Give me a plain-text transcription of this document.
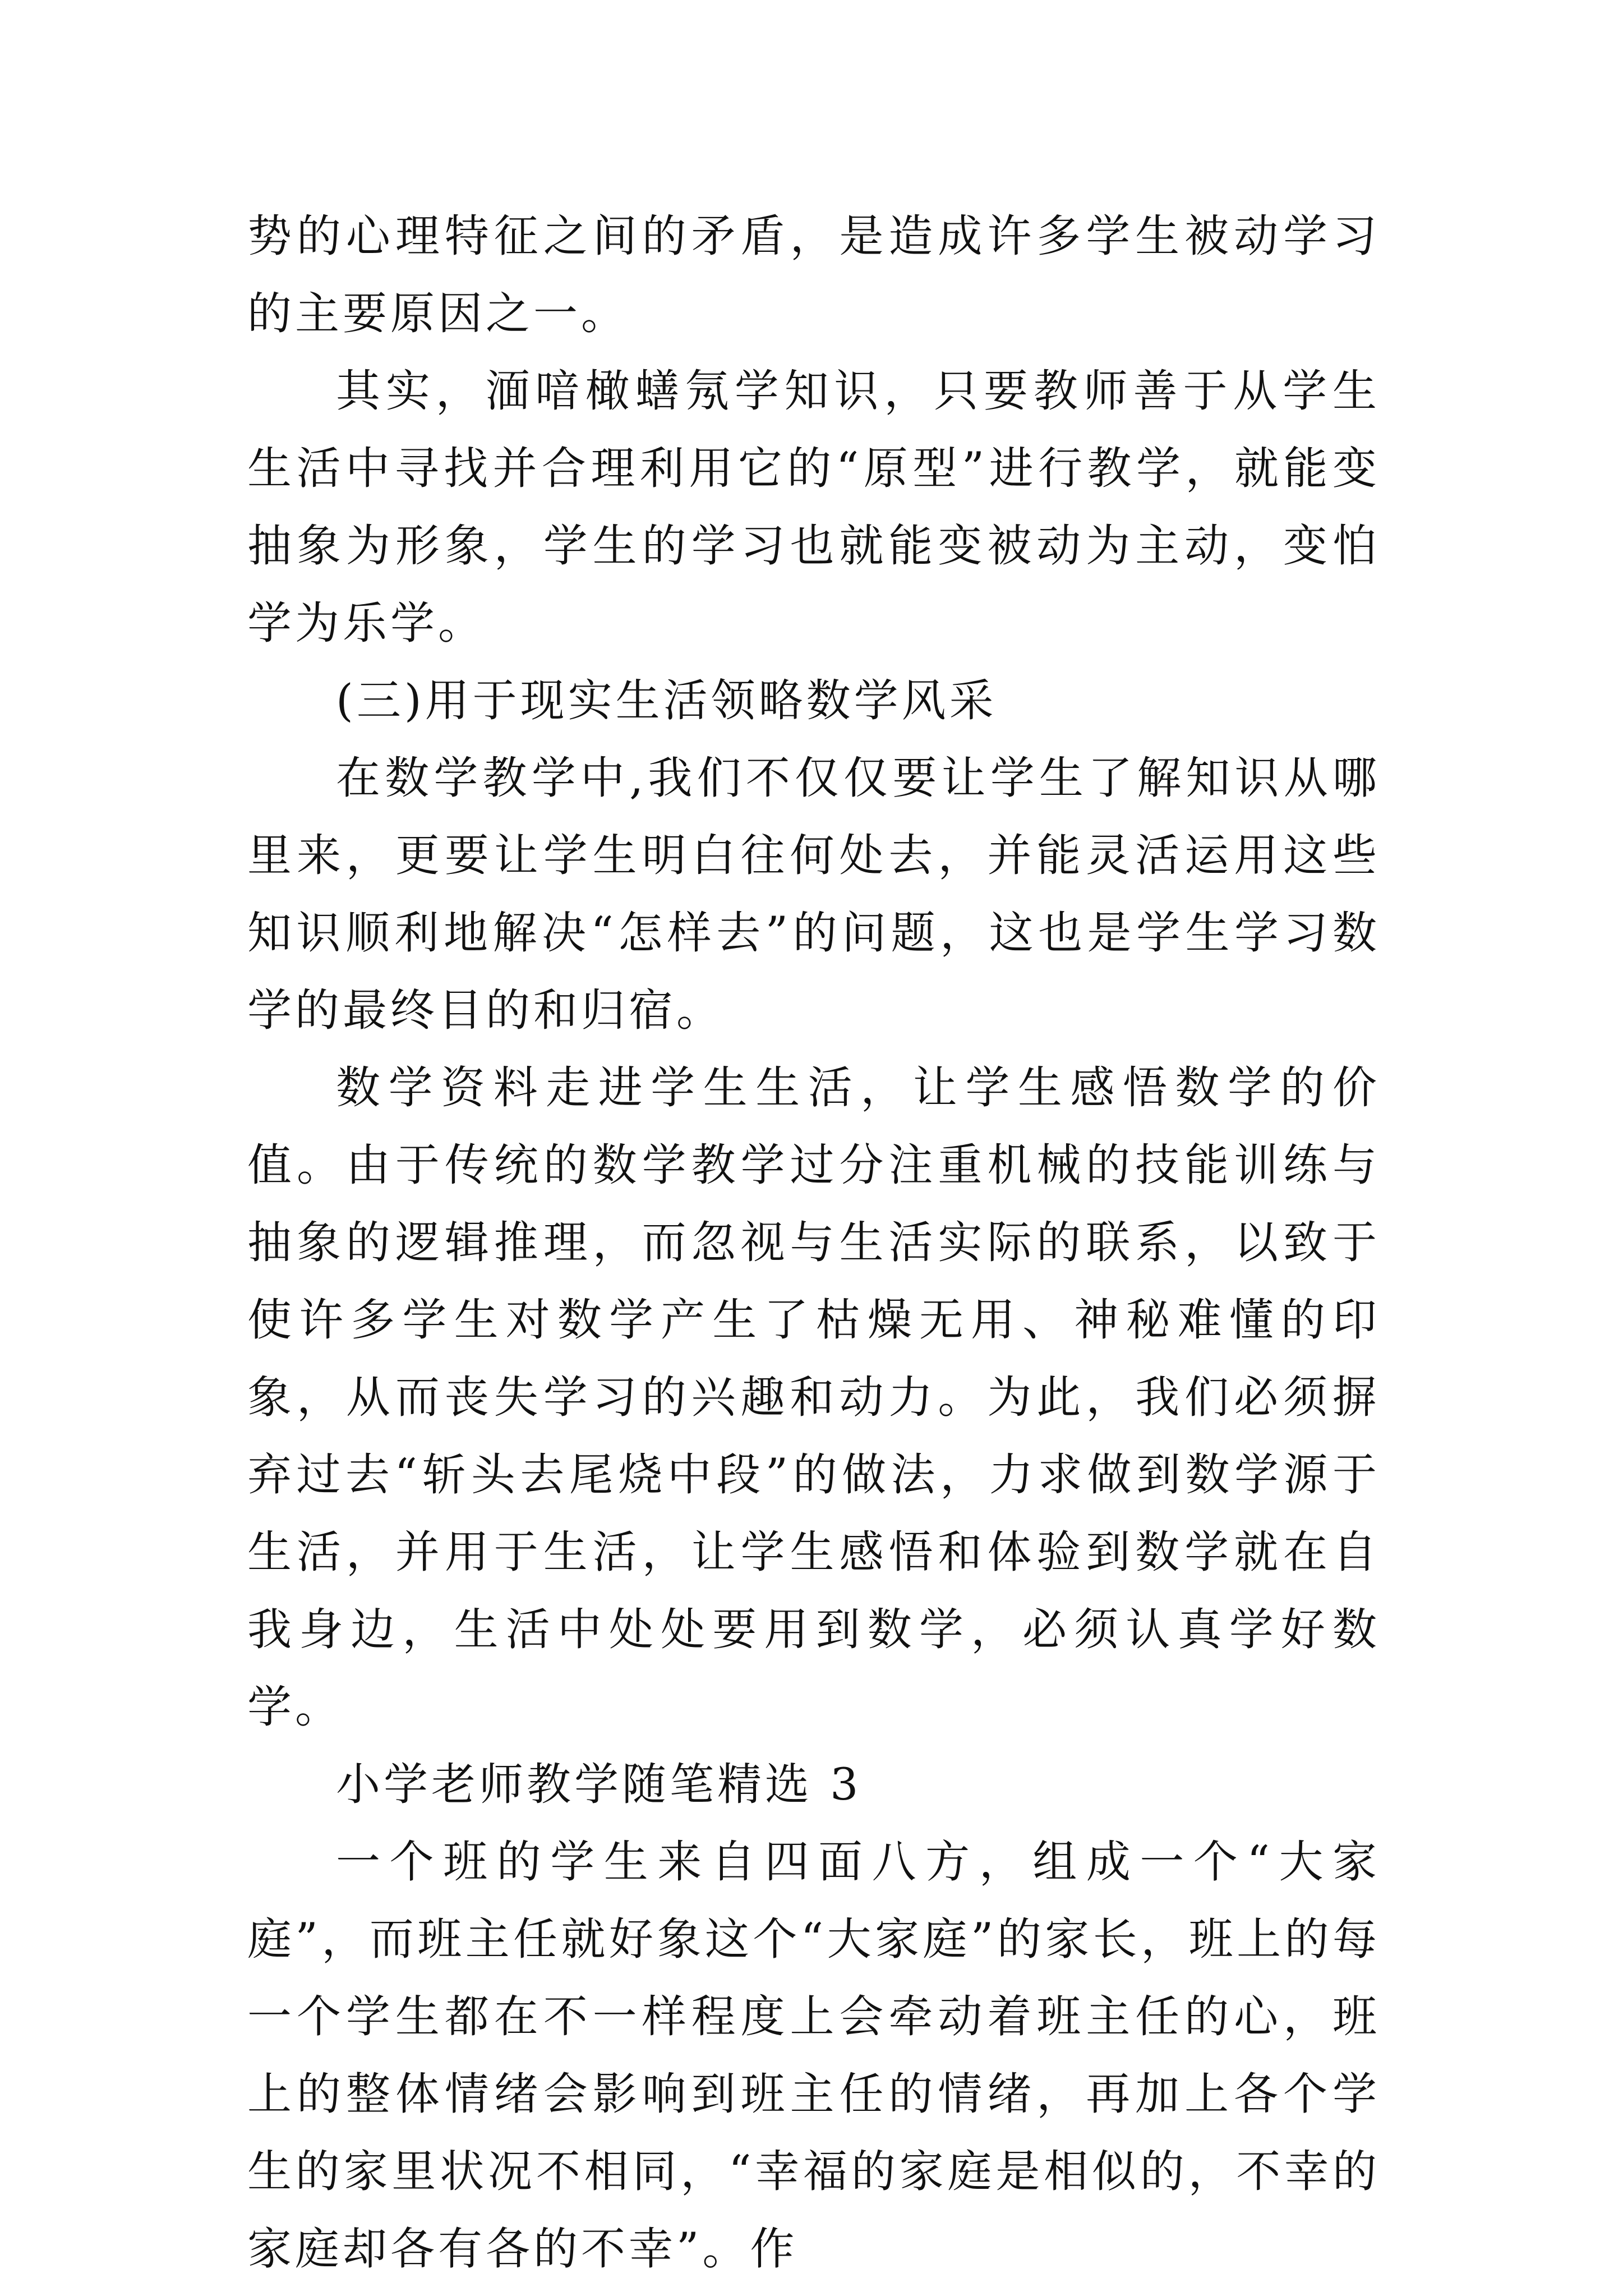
势的心理特征之间的矛盾，是造成许多学生被动学习的主要原因之一。

其实，湎喑橄蟮氖学知识，只要教师善于从学生生活中寻找并合理利用它的“原型”进行教学，就能变抽象为形象，学生的学习也就能变被动为主动，变怕学为乐学。

(三)用于现实生活领略数学风采

在数学教学中,我们不仅仅要让学生了解知识从哪里来，更要让学生明白往何处去，并能灵活运用这些知识顺利地解决“怎样去”的问题，这也是学生学习数学的最终目的和归宿。

数学资料走进学生生活，让学生感悟数学的价值。由于传统的数学教学过分注重机械的技能训练与抽象的逻辑推理，而忽视与生活实际的联系，以致于使许多学生对数学产生了枯燥无用、神秘难懂的印象，从而丧失学习的兴趣和动力。为此，我们必须摒弃过去“斩头去尾烧中段”的做法，力求做到数学源于生活，并用于生活，让学生感悟和体验到数学就在自我身边，生活中处处要用到数学，必须认真学好数学。

小学老师教学随笔精选 3

一个班的学生来自四面八方，组成一个“大家庭”，而班主任就好象这个“大家庭”的家长，班上的每一个学生都在不一样程度上会牵动着班主任的心，班上的整体情绪会影响到班主任的情绪，再加上各个学生的家里状况不相同，“幸福的家庭是相似的，不幸的家庭却各有各的不幸”。作
